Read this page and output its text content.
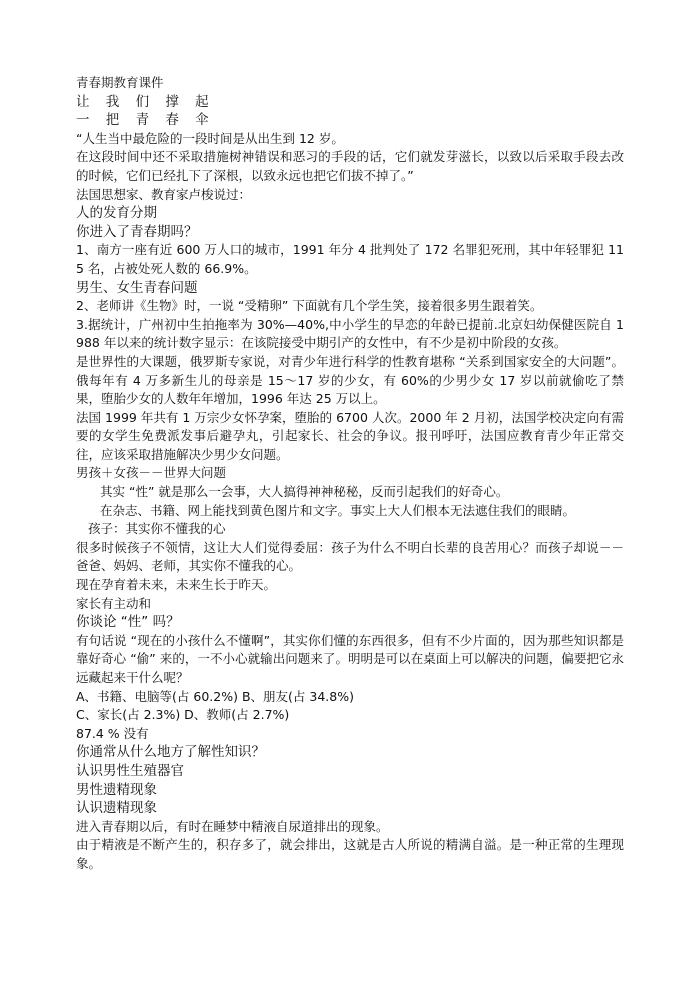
青春期教育课件
让 我 们 撑 起
一 把 青 春 伞
“人生当中最危险的一段时间是从出生到 12 岁。
在这段时间中还不采取措施树神错误和恶习的手段的话，它们就发芽滋长，以致以后采取手段去改的时候，它们已经扎下了深根，以致永远也把它们拔不掉了。”
法国思想家、教育家卢梭说过：
人的发育分期
你进入了青春期吗？
1、南方一座有近 600 万人口的城市，1991 年分 4 批判处了 172 名罪犯死刑，其中年轻罪犯 115 名，占被处死人数的 66.9%。
男生、女生青春问题
2、老师讲《生物》时，一说 “受精卵” 下面就有几个学生笑，接着很多男生跟着笑。
3.据统计，广州初中生拍拖率为 30%—40%,中小学生的早恋的年龄已提前.北京妇幼保健医院自 1988 年以来的统计数字显示：在该院接受中期引产的女性中，有不少是初中阶段的女孩。
是世界性的大课题，俄罗斯专家说，对青少年进行科学的性教育堪称 “关系到国家安全的大问题”。俄每年有 4 万多新生儿的母亲是 15～17 岁的少女，有 60%的少男少女 17 岁以前就偷吃了禁果，堕胎少女的人数年年增加，1996 年达 25 万以上。
法国 1999 年共有 1 万宗少女怀孕案，堕胎的 6700 人次。2000 年 2 月初，法国学校决定向有需要的女学生免费派发事后避孕丸，引起家长、社会的争议。报刊呼吁，法国应教育青少年正常交往，应该采取措施解决少男少女问题。
男孩＋女孩－－世界大问题
其实 “性” 就是那么一会事，大人搞得神神秘秘，反而引起我们的好奇心。
在杂志、书籍、网上能找到黄色图片和文字。事实上大人们根本无法遮住我们的眼睛。
孩子：其实你不懂我的心
很多时候孩子不领情，这让大人们觉得委屈：孩子为什么不明白长辈的良苦用心？而孩子却说－－爸爸、妈妈、老师，其实你不懂我的心。
现在孕育着未来，未来生长于昨天。
家长有主动和
你谈论 “性” 吗？
有句话说 “现在的小孩什么不懂啊”，其实你们懂的东西很多，但有不少片面的，因为那些知识都是靠好奇心 “偷” 来的，一不小心就输出问题来了。明明是可以在桌面上可以解决的问题，偏要把它永远藏起来干什么呢？
A、书籍、电脑等(占 60.2%) B、朋友(占 34.8%)
C、家长(占 2.3%) D、教师(占 2.7%)
87.4 % 没有
你通常从什么地方了解性知识？
认识男性生殖器官
男性遗精现象
认识遗精现象
进入青春期以后，有时在睡梦中精液自尿道排出的现象。
由于精液是不断产生的，积存多了，就会排出，这就是古人所说的精满自溢。是一种正常的生理现象。
